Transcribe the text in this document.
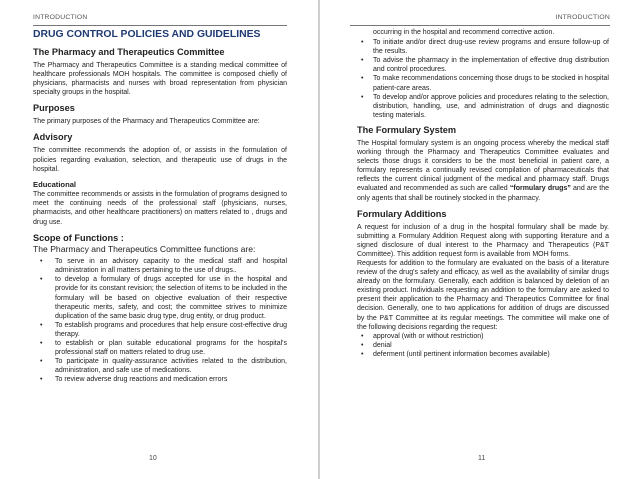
INTRODUCTION
DRUG CONTROL POLICIES AND GUIDELINES
The Pharmacy and Therapeutics Committee

The Pharmacy and Therapeutics Committee is a standing medical committee of healthcare professionals MOH hospitals. The committee is composed chiefly of physicians, pharmacists and nurses with broad representation from physician specialty groups in the hospital.

Purposes

The primary purposes of the Pharmacy and Therapeutics Committee are:

Advisory

The committee recommends the adoption of, or assists in the formulation of policies regarding evaluation, selection, and therapeutic use of drugs in the hospital.

Educational

The committee recommends or assists in the formulation of programs designed to meet the continuing needs of the professional staff (physicians, nurses, pharmacists, and other healthcare practitioners) on matters related to , drugs and drug use.

Scope of Functions :
The Pharmacy and Therapeutics Committee functions are:
• To serve in an advisory capacity to the medical staff and hospital administration in all matters pertaining to the use of drugs..
• to develop a formulary of drugs accepted for use in the hospital and provide for its constant revision; the selection of items to be included in the formulary will be based on objective evaluation of their respective therapeutic merits, safety, and cost; the committee strives to minimize duplication of the same basic drug type, drug entity, or drug product.
• To establish programs and procedures that help ensure cost-effective drug therapy.
• to establish or plan suitable educational programs for the hospital's professional staff on matters related to drug use.
• To participate in quality-assurance activities related to the distribution, administration, and safe use of medications.
• To review adverse drug reactions and medication errors
10
INTRODUCTION
occurring in the hospital and recommend corrective action.
• To initiate and/or direct drug-use review programs and ensure follow-up of the results.
• To advise the pharmacy in the implementation of effective drug distribution and control procedures.
• To make recommendations concerning those drugs to be stocked in hospital patient-care areas.
• To develop and/or approve policies and procedures relating to the selection, distribution, handling, use, and administration of drugs and diagnostic testing materials.
The Formulary System

The Hospital formulary system is an ongoing process whereby the medical staff working through the Pharmacy and Therapeutics Committee evaluates and selects those drugs it considers to be the most beneficial in patient care, a formulary represents a continually revised compilation of pharmaceuticals that reflects the current clinical judgment of the medical and pharmacy staff. Drugs evaluated and recommended as such are called “formulary drugs” and are the only agents that shall be routinely stocked in the pharmacy.

Formulary Additions

A request for inclusion of a drug in the hospital formulary shall be made by. submitting a Formulary Addition Request along with supporting literature and a signed disclosure of dual interest to the Pharmacy and Therapeutics (P&T Committee). This addition request form is available from MOH forms.

Requests for addition to the formulary are evaluated on the basis of a literature review of the drug's safety and efficacy, as well as the availability of similar drugs already on the formulary. Generally, each addition is balanced by deletion of an existing product. Individuals requesting an addition to the formulary are asked to present their application to the Pharmacy and Therapeutics Committee for final decision. Generally, one to two applications for addition of drugs are discussed by the P&T Committee at its regular meetings. The committee will make one of the following decisions regarding the request:

• approval (with or without restriction)
• denial
• deferment (until pertinent information becomes available)
11
